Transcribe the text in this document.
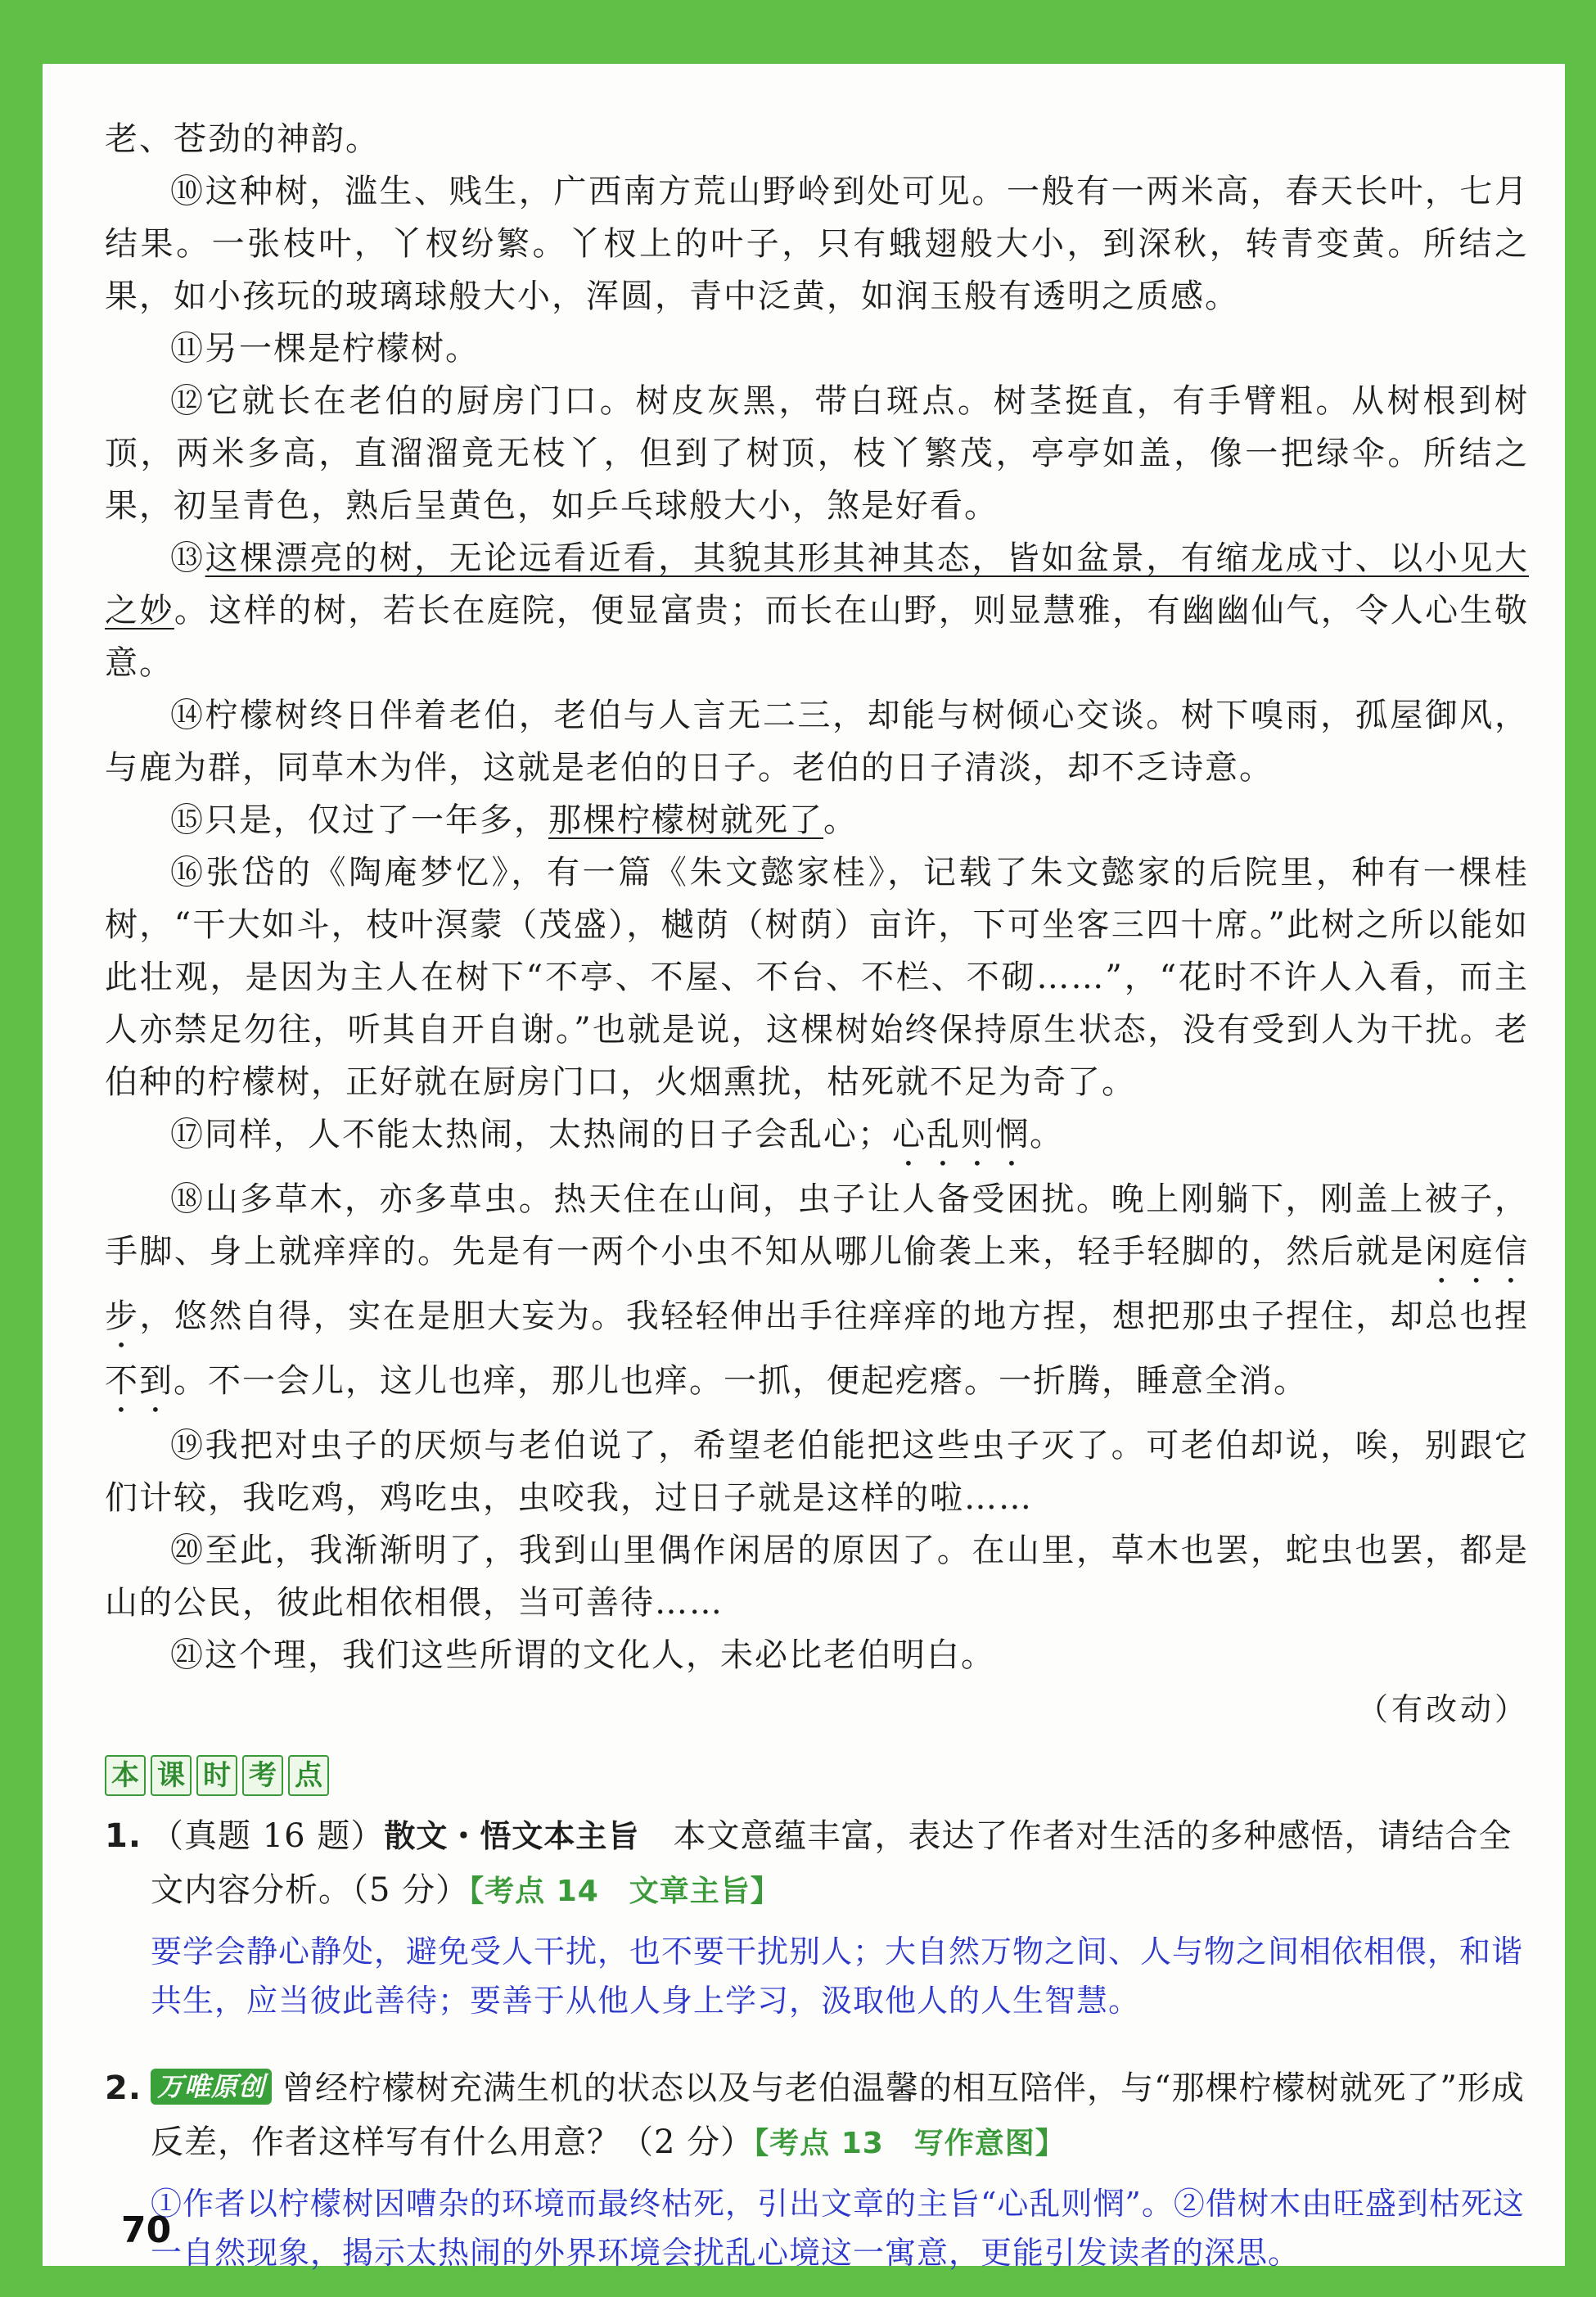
老、苍劲的神韵。

⑩这种树，滥生、贱生，广西南方荒山野岭到处可见。一般有一两米高，春天长叶，七月结果。一张枝叶，丫杈纷繁。丫杈上的叶子，只有蛾翅般大小，到深秋，转青变黄。所结之果，如小孩玩的玻璃球般大小，浑圆，青中泛黄，如润玉般有透明之质感。

⑪另一棵是柠檬树。

⑫它就长在老伯的厨房门口。树皮灰黑，带白斑点。树茎挺直，有手臂粗。从树根到树顶，两米多高，直溜溜竟无枝丫，但到了树顶，枝丫繁茂，亭亭如盖，像一把绿伞。所结之果，初呈青色，熟后呈黄色，如乒乓球般大小，煞是好看。

⑬这棵漂亮的树，无论远看近看，其貌其形其神其态，皆如盆景，有缩龙成寸、以小见大之妙。这样的树，若长在庭院，便显富贵；而长在山野，则显慧雅，有幽幽仙气，令人心生敬意。

⑭柠檬树终日伴着老伯，老伯与人言无二三，却能与树倾心交谈。树下嗅雨，孤屋御风，与鹿为群，同草木为伴，这就是老伯的日子。老伯的日子清淡，却不乏诗意。

⑮只是，仅过了一年多，那棵柠檬树就死了。

⑯张岱的《陶庵梦忆》，有一篇《朱文懿家桂》，记载了朱文懿家的后院里，种有一棵桂树，“干大如斗，枝叶溟蒙（茂盛），樾荫（树荫）亩许，下可坐客三四十席。”此树之所以能如此壮观，是因为主人在树下“不亭、不屋、不台、不栏、不砌……”，“花时不许人入看，而主人亦禁足勿往，听其自开自谢。”也就是说，这棵树始终保持原生状态，没有受到人为干扰。老伯种的柠檬树，正好就在厨房门口，火烟熏扰，枯死就不足为奇了。

⑰同样，人不能太热闹，太热闹的日子会乱心；心乱则惘。

⑱山多草木，亦多草虫。热天住在山间，虫子让人备受困扰。晚上刚躺下，刚盖上被子，手脚、身上就痒痒的。先是有一两个小虫不知从哪儿偷袭上来，轻手轻脚的，然后就是闲庭信步，悠然自得，实在是胆大妄为。我轻轻伸出手往痒痒的地方捏，想把那虫子捏住，却总也捏不到。不一会儿，这儿也痒，那儿也痒。一抓，便起疙瘩。一折腾，睡意全消。

⑲我把对虫子的厌烦与老伯说了，希望老伯能把这些虫子灭了。可老伯却说，唉，别跟它们计较，我吃鸡，鸡吃虫，虫咬我，过日子就是这样的啦……

⑳至此，我渐渐明了，我到山里偶作闲居的原因了。在山里，草木也罢，蛇虫也罢，都是山的公民，彼此相依相偎，当可善待……

㉑这个理，我们这些所谓的文化人，未必比老伯明白。

（有改动）

本 课 时 考 点

1. （真题 16 题）散文・悟文本主旨　 本文意蕴丰富，表达了作者对生活的多种感悟，请结合全文内容分析。（5 分）【考点 14　文章主旨】

要学会静心静处，避免受人干扰，也不要干扰别人；大自然万物之间、人与物之间相依相偎，和谐共生，应当彼此善待；要善于从他人身上学习，汲取他人的人生智慧。

2. 万唯原创 曾经柠檬树充满生机的状态以及与老伯温馨的相互陪伴，与“那棵柠檬树就死了”形成反差，作者这样写有什么用意？（2 分）【考点 13　写作意图】

①作者以柠檬树因嘈杂的环境而最终枯死，引出文章的主旨“心乱则惘”。②借树木由旺盛到枯死这一自然现象，揭示太热闹的外界环境会扰乱心境这一寓意，更能引发读者的深思。

70
